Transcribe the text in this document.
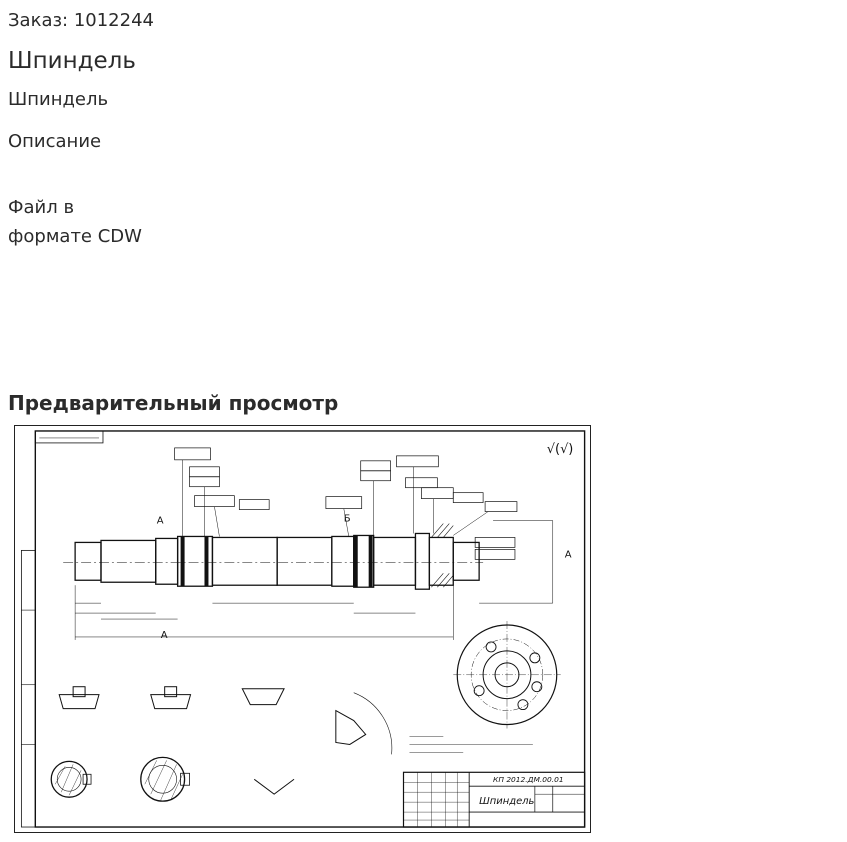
Заказ: 1012244
Шпиндель
Шпиндель
Описание
Файл в
формате CDW
Предварительный просмотр
√(√)
А
А
Б
А
КП 2012.ДМ.00.01
Шпиндель
